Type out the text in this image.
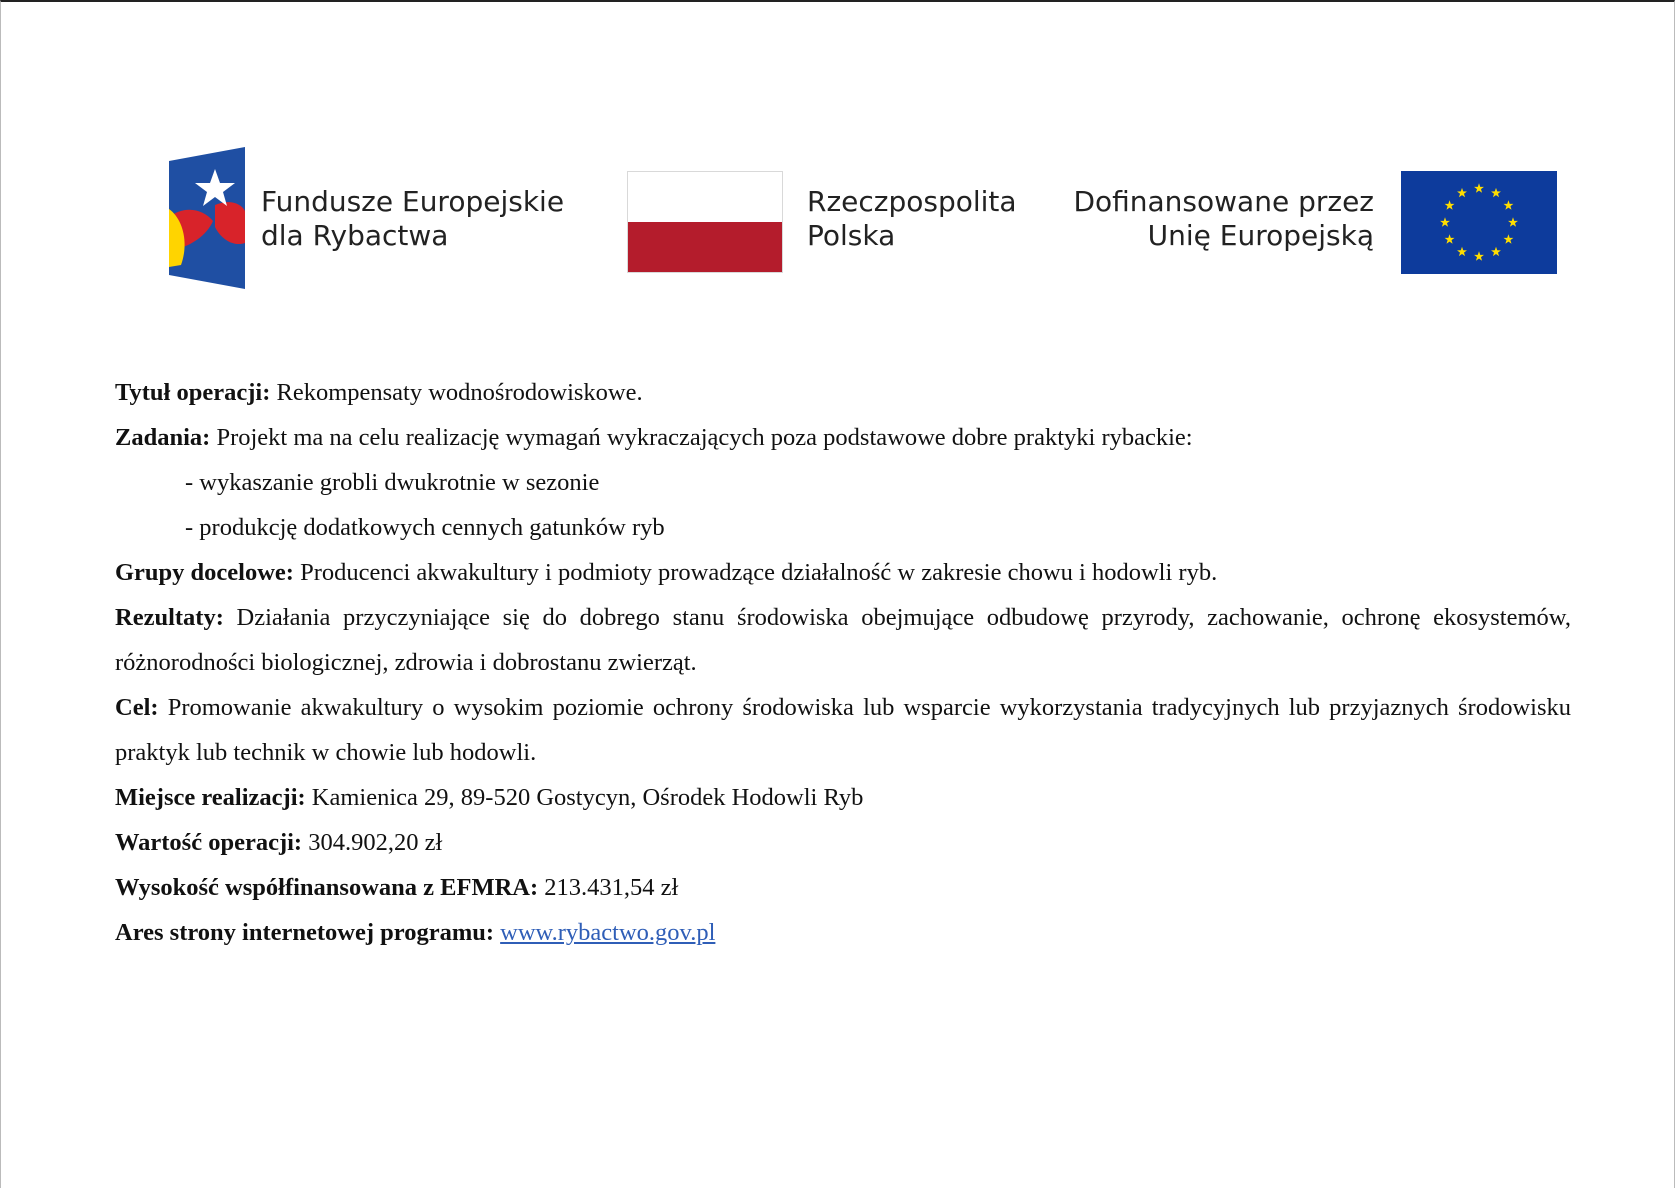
Fundusze Europejskie
dla Rybactwa
Rzeczpospolita
Polska
Dofinansowane przez
Unię Europejską
Tytuł operacji: Rekompensaty wodnośrodowiskowe.
Zadania: Projekt ma na celu realizację wymagań wykraczających poza podstawowe dobre praktyki rybackie:
- wykaszanie grobli dwukrotnie w sezonie
- produkcję dodatkowych cennych gatunków ryb
Grupy docelowe: Producenci akwakultury i podmioty prowadzące działalność w zakresie chowu i hodowli ryb.
Rezultaty: Działania przyczyniające się do dobrego stanu środowiska obejmujące odbudowę przyrody, zachowanie, ochronę ekosystemów, różnorodności biologicznej, zdrowia i dobrostanu zwierząt.
Cel: Promowanie akwakultury o wysokim poziomie ochrony środowiska lub wsparcie wykorzystania tradycyjnych lub przyjaznych środowisku praktyk lub technik w chowie lub hodowli.
Miejsce realizacji: Kamienica 29, 89-520 Gostycyn, Ośrodek Hodowli Ryb
Wartość operacji: 304.902,20 zł
Wysokość współfinansowana z EFMRA: 213.431,54 zł
Ares strony internetowej programu: www.rybactwo.gov.pl
